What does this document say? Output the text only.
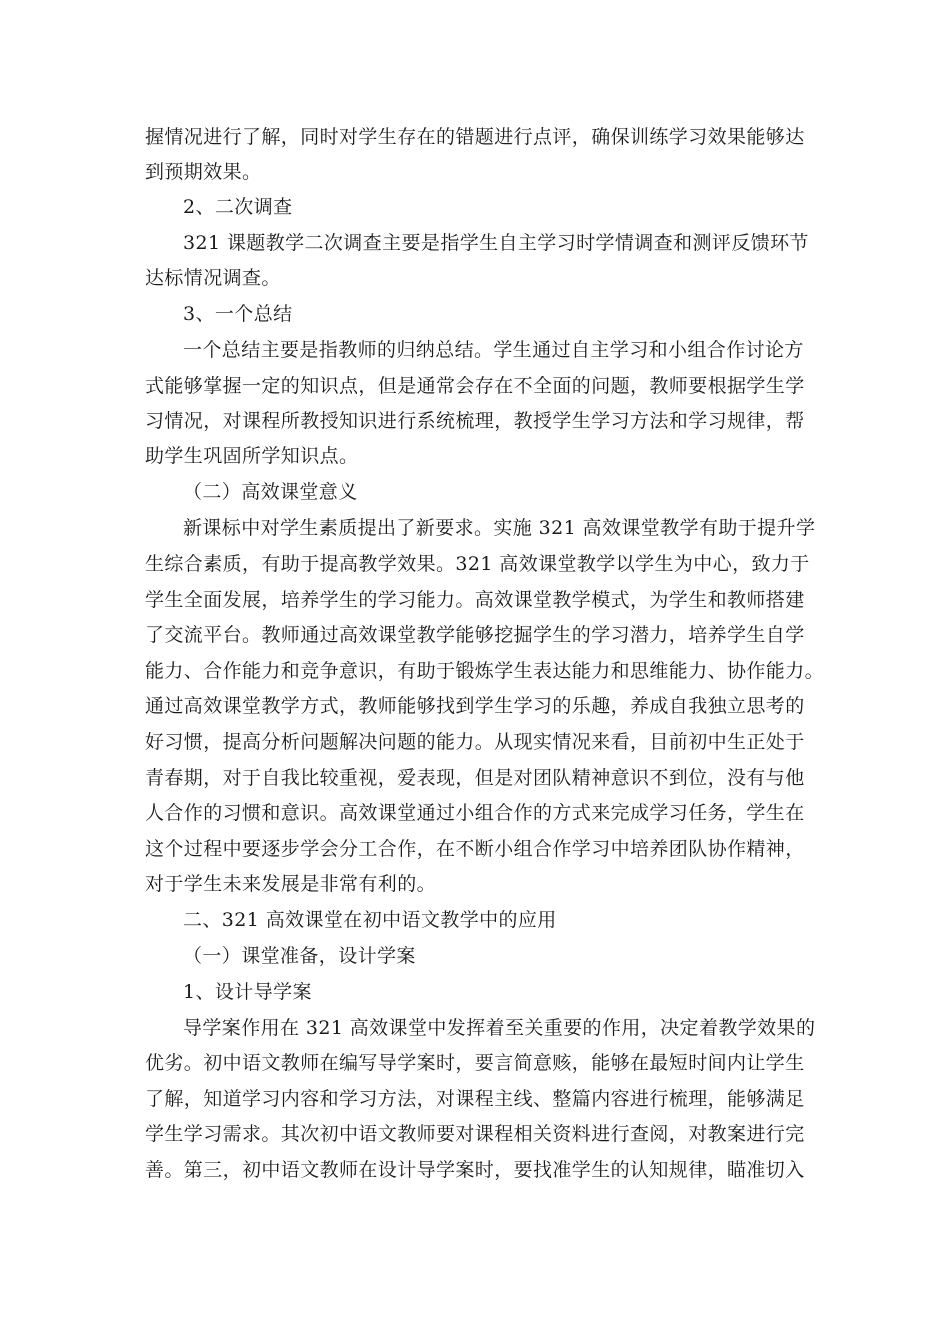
握情况进行了解，同时对学生存在的错题进行点评，确保训练学习效果能够达
到预期效果。
2、二次调查
321 课题教学二次调查主要是指学生自主学习时学情调查和测评反馈环节
达标情况调查。
3、一个总结
一个总结主要是指教师的归纳总结。学生通过自主学习和小组合作讨论方
式能够掌握一定的知识点，但是通常会存在不全面的问题，教师要根据学生学
习情况，对课程所教授知识进行系统梳理，教授学生学习方法和学习规律，帮
助学生巩固所学知识点。
（二）高效课堂意义
新课标中对学生素质提出了新要求。实施 321 高效课堂教学有助于提升学
生综合素质，有助于提高教学效果。321 高效课堂教学以学生为中心，致力于
学生全面发展，培养学生的学习能力。高效课堂教学模式，为学生和教师搭建
了交流平台。教师通过高效课堂教学能够挖掘学生的学习潜力，培养学生自学
能力、合作能力和竞争意识，有助于锻炼学生表达能力和思维能力、协作能力。
通过高效课堂教学方式，教师能够找到学生学习的乐趣，养成自我独立思考的
好习惯，提高分析问题解决问题的能力。从现实情况来看，目前初中生正处于
青春期，对于自我比较重视，爱表现，但是对团队精神意识不到位，没有与他
人合作的习惯和意识。高效课堂通过小组合作的方式来完成学习任务，学生在
这个过程中要逐步学会分工合作，在不断小组合作学习中培养团队协作精神，
对于学生未来发展是非常有利的。
二、321 高效课堂在初中语文教学中的应用
（一）课堂准备，设计学案
1、设计导学案
导学案作用在 321 高效课堂中发挥着至关重要的作用，决定着教学效果的
优劣。初中语文教师在编写导学案时，要言简意赅，能够在最短时间内让学生
了解，知道学习内容和学习方法，对课程主线、整篇内容进行梳理，能够满足
学生学习需求。其次初中语文教师要对课程相关资料进行查阅，对教案进行完
善。第三，初中语文教师在设计导学案时，要找准学生的认知规律，瞄准切入
